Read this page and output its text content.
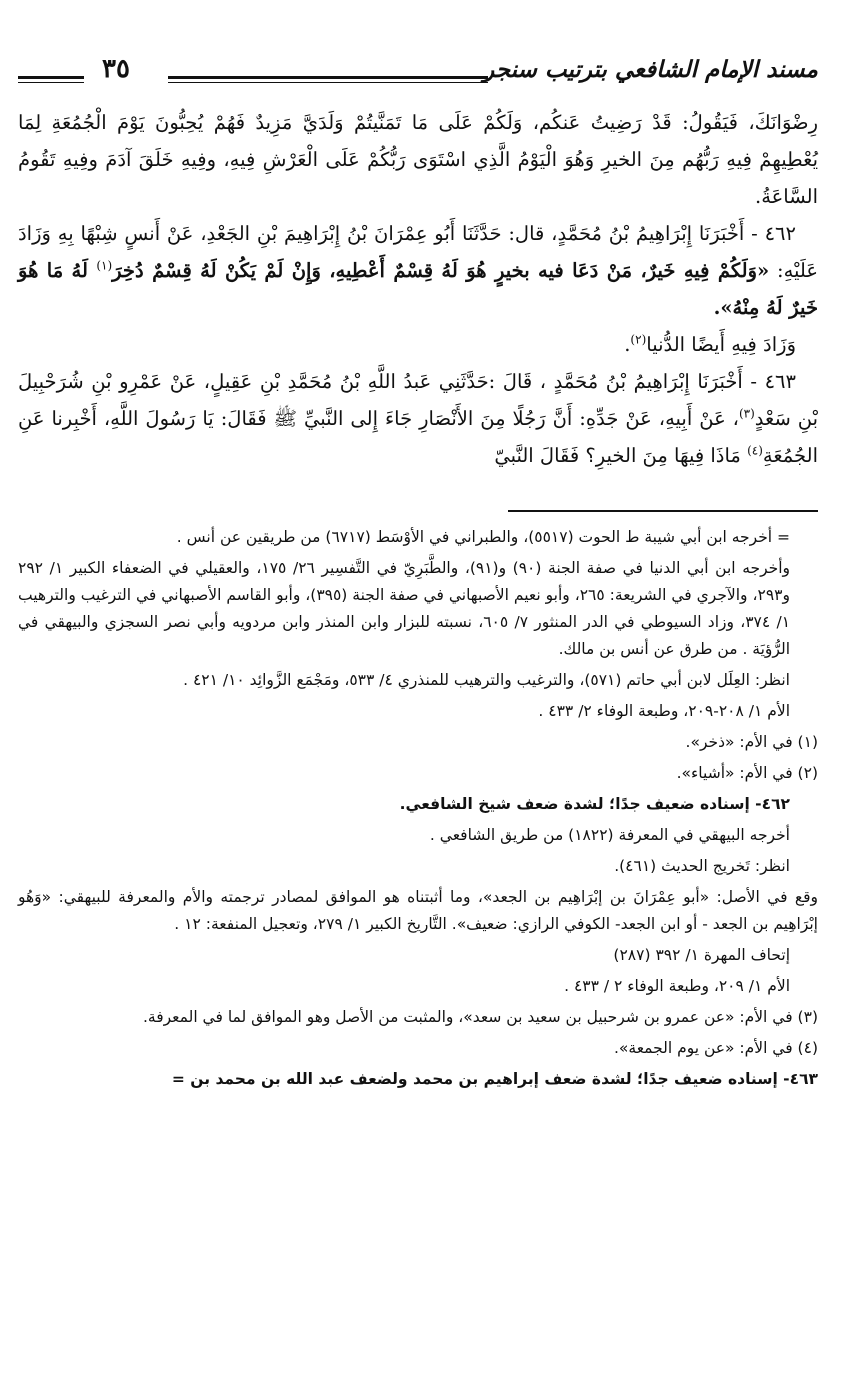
مسند الإمام الشافعي بترتيب سنجر
٣٥

رِضْوَانَكَ، فَيَقُولُ: قَدْ رَضِيتُ عَنكُم، وَلَكُمْ عَلَى مَا تَمَنَّيتُمْ وَلَدَيَّ مَزِيدٌ فَهُمْ يُحِبُّونَ يَوْمَ الْجُمُعَةِ لِمَا يُعْطِيهِمْ فِيهِ رَبُّهُم مِنَ الخيرِ وَهُوَ الْيَوْمُ الَّذِي اسْتَوَى رَبُّكُمْ عَلَى الْعَرْشِ فِيهِ، وفِيهِ خَلَقَ آدَمَ وفِيهِ تَقُومُ السَّاعَةُ.

٤٦٢ - أَخْبَرَنَا إِبْرَاهِيمُ بْنُ مُحَمَّدٍ، قال: حَدَّثَنَا أَبُو عِمْرَانَ بْنُ إِبْرَاهِيمَ بْنِ الجَعْدِ، عَنْ أَنسٍ شِبْهًا بِهِ وَزَادَ عَلَيْهِ: «وَلَكُمْ فِيهِ خَيرٌ، مَنْ دَعَا فيه بخيرٍ هُوَ لَهُ قِسْمٌ أَعْطِيهِ، وَإِنْ لَمْ يَكُنْ لَهُ قِسْمٌ دُخِرَ$^{(١)}$ لَهُ مَا هُوَ خَيرٌ لَهُ مِنْهُ».

وَزَادَ فِيهِ أَيضًا الدُّنيا$^{(٢)}$.

٤٦٣ - أَخْبَرَنَا إِبْرَاهِيمُ بْنُ مُحَمَّدٍ ، قَالَ :حَدَّثَنِي عَبدُ اللَّهِ بْنُ مُحَمَّدِ بْنِ عَقِيلٍ، عَنْ عَمْرِو بْنِ شُرَحْبِيلَ بْنِ سَعْدٍ$^{(٣)}$، عَنْ أَبِيهِ، عَنْ جَدِّهِ: أَنَّ رَجُلًا مِنَ الأَنْصَارِ جَاءَ إِلى النَّبيِّ ﷺ فَقَالَ: يَا رَسُولَ اللَّهِ، أَخْبِرنا عَنِ الجُمُعَةِ$^{(٤)}$ مَاذَا فِيهَا مِنَ الخيرِ؟ فَقَالَ النَّبيّ

= أخرجه ابن أبي شيبة ط الحوت (٥٥١٧)، والطبراني في الأوْسَط (٦٧١٧) من طريقين عن أنس .

وأخرجه ابن أبي الدنيا في صفة الجنة (٩٠) و(٩١)، والطَّبَرِيّ في التَّفسِير ٢٦/ ١٧٥، والعقيلي في الضعفاء الكبير ١/ ٢٩٢ و٢٩٣، والآجري في الشريعة: ٢٦٥، وأبو نعيم الأصبهاني في صفة الجنة (٣٩٥)، وأبو القاسم الأصبهاني في الترغيب والترهيب ١/ ٣٧٤، وزاد السيوطي في الدر المنثور ٧/ ٦٠٥، نسبته للبزار وابن المنذر وابن مردويه وأبي نصر السجزي والبيهقي في الرُّؤيَة . من طرق عن أنس بن مالك.

انظر: العِلَل لابن أبي حاتم (٥٧١)، والترغيب والترهيب للمنذري ٤/ ٥٣٣، ومَجْمَع الزَّوائِد ١٠/ ٤٢١ .

الأم ١/ ٢٠٨-٢٠٩، وطبعة الوفاء ٢/ ٤٣٣ .

(١) في الأم: «ذخر».

(٢) في الأم: «أشياء».

٤٦٢- إسناده ضعيف جدًا؛ لشدة ضعف شيخ الشافعي.

أخرجه البيهقي في المعرفة (١٨٢٢) من طريق الشافعي .

انظر: تَخريج الحديث (٤٦١).

وقع في الأصل: «أبو عِمْرَانَ بن إبْرَاهِيم بن الجعد»، وما أثبتناه هو الموافق لمصادر ترجمته والأم والمعرفة للبيهقي: «وَهُو إبْرَاهِيم بن الجعد - أو ابن الجعد- الكوفي الرازي: ضعيف». التَّاريخ الكبير ١/ ٢٧٩، وتعجيل المنفعة: ١٢ .

إتحاف المهرة ١/ ٣٩٢ (٢٨٧)

الأم ١/ ٢٠٩، وطبعة الوفاء ٢ / ٤٣٣ .

(٣) في الأم: «عن عمرو بن شرحبيل بن سعيد بن سعد»، والمثبت من الأصل وهو الموافق لما في المعرفة.

(٤) في الأم: «عن يوم الجمعة».

٤٦٣- إسناده ضعيف جدًا؛ لشدة ضعف إبراهيم بن محمد ولضعف عبد الله بن محمد بن =
